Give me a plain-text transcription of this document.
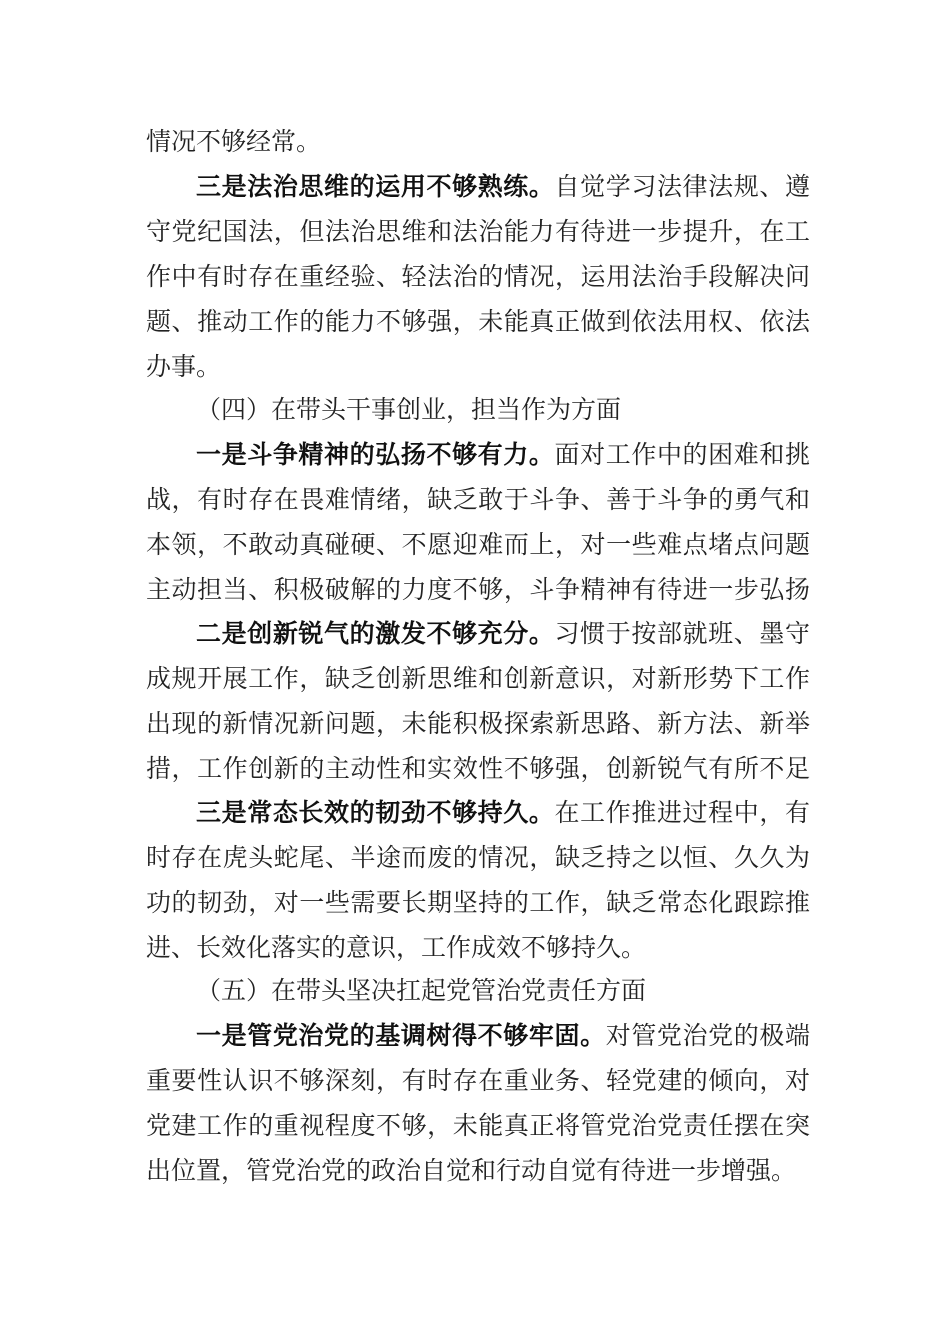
情况不够经常。
三是法治思维的运用不够熟练。自觉学习法律法规、遵
守党纪国法，但法治思维和法治能力有待进一步提升，在工
作中有时存在重经验、轻法治的情况，运用法治手段解决问
题、推动工作的能力不够强，未能真正做到依法用权、依法
办事。
（四）在带头干事创业，担当作为方面
一是斗争精神的弘扬不够有力。面对工作中的困难和挑
战，有时存在畏难情绪，缺乏敢于斗争、善于斗争的勇气和
本领，不敢动真碰硬、不愿迎难而上，对一些难点堵点问题
主动担当、积极破解的力度不够，斗争精神有待进一步弘扬
二是创新锐气的激发不够充分。习惯于按部就班、墨守
成规开展工作，缺乏创新思维和创新意识，对新形势下工作
出现的新情况新问题，未能积极探索新思路、新方法、新举
措，工作创新的主动性和实效性不够强，创新锐气有所不足
三是常态长效的韧劲不够持久。在工作推进过程中，有
时存在虎头蛇尾、半途而废的情况，缺乏持之以恒、久久为
功的韧劲，对一些需要长期坚持的工作，缺乏常态化跟踪推
进、长效化落实的意识，工作成效不够持久。
（五）在带头坚决扛起党管治党责任方面
一是管党治党的基调树得不够牢固。对管党治党的极端
重要性认识不够深刻，有时存在重业务、轻党建的倾向，对
党建工作的重视程度不够，未能真正将管党治党责任摆在突
出位置，管党治党的政治自觉和行动自觉有待进一步增强。
